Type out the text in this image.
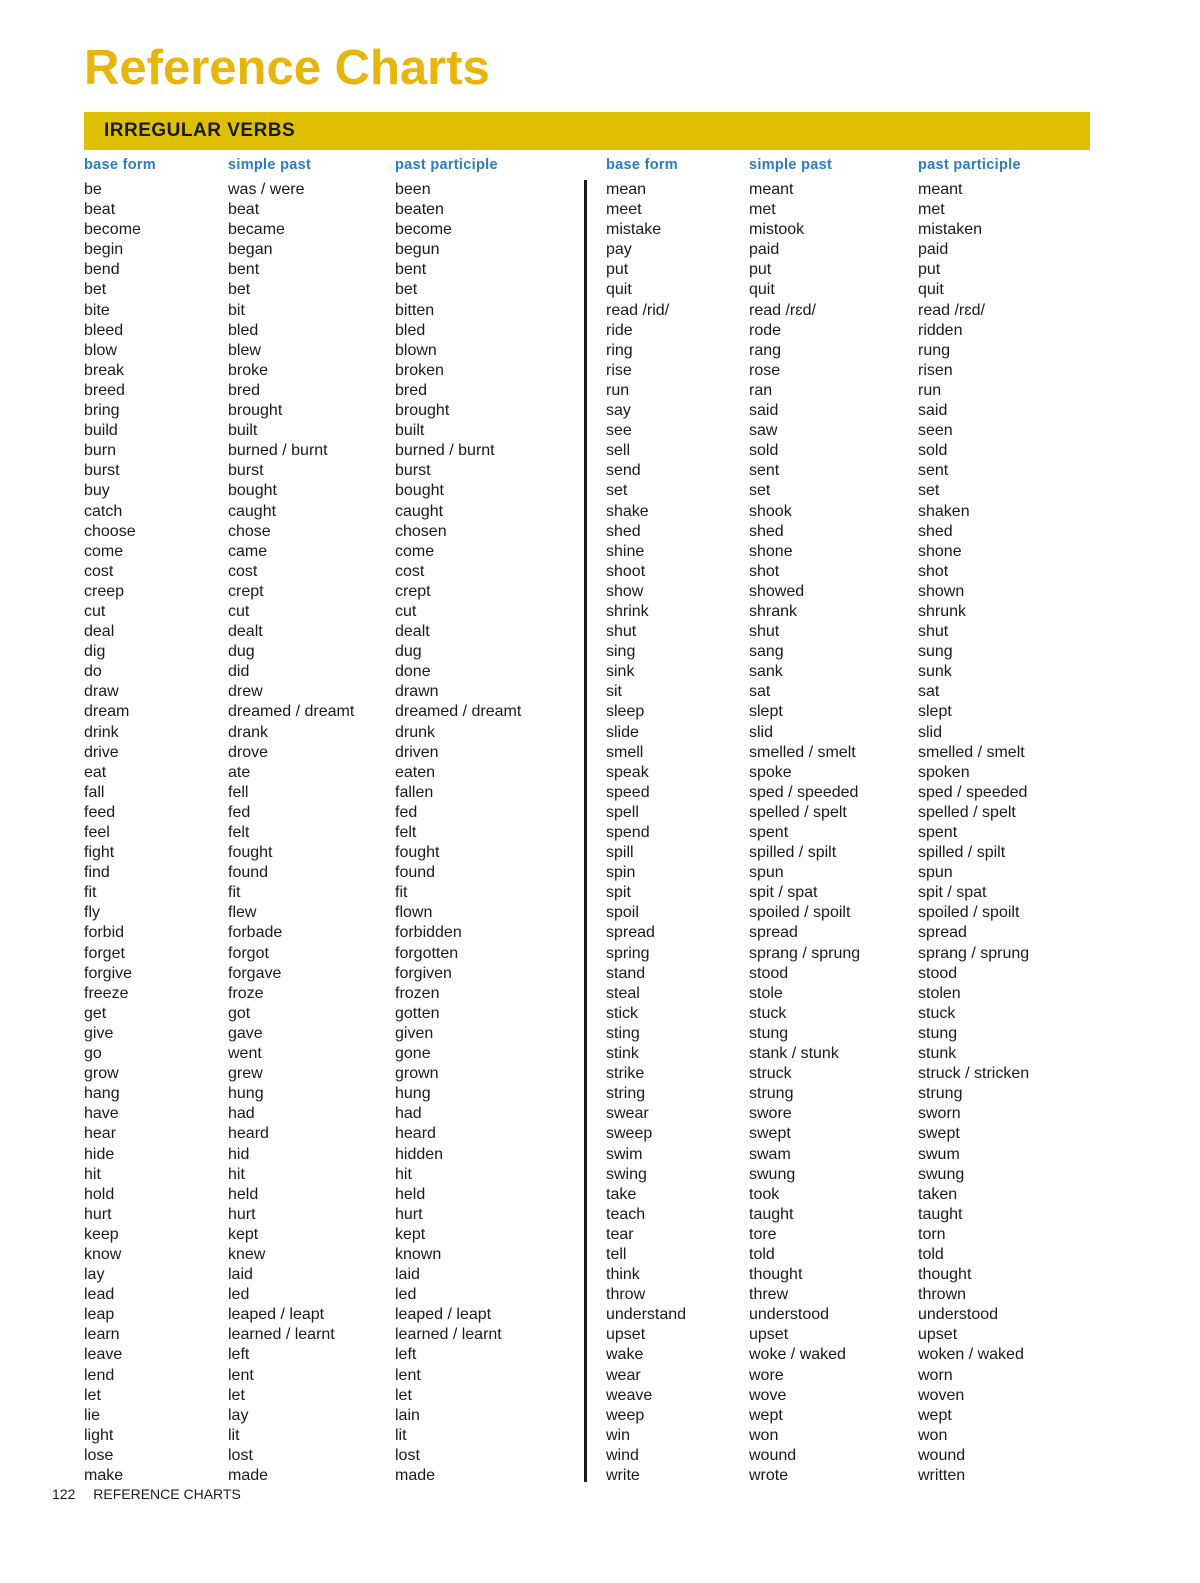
Reference Charts
IRREGULAR VERBS
base form	simple past	past participle
be	was / were	been
beat	beat	beaten
become	became	become
begin	began	begun
bend	bent	bent
bet	bet	bet
bite	bit	bitten
bleed	bled	bled
blow	blew	blown
break	broke	broken
breed	bred	bred
bring	brought	brought
build	built	built
burn	burned / burnt	burned / burnt
burst	burst	burst
buy	bought	bought
catch	caught	caught
choose	chose	chosen
come	came	come
cost	cost	cost
creep	crept	crept
cut	cut	cut
deal	dealt	dealt
dig	dug	dug
do	did	done
draw	drew	drawn
dream	dreamed / dreamt	dreamed / dreamt
drink	drank	drunk
drive	drove	driven
eat	ate	eaten
fall	fell	fallen
feed	fed	fed
feel	felt	felt
fight	fought	fought
find	found	found
fit	fit	fit
fly	flew	flown
forbid	forbade	forbidden
forget	forgot	forgotten
forgive	forgave	forgiven
freeze	froze	frozen
get	got	gotten
give	gave	given
go	went	gone
grow	grew	grown
hang	hung	hung
have	had	had
hear	heard	heard
hide	hid	hidden
hit	hit	hit
hold	held	held
hurt	hurt	hurt
keep	kept	kept
know	knew	known
lay	laid	laid
lead	led	led
leap	leaped / leapt	leaped / leapt
learn	learned / learnt	learned / learnt
leave	left	left
lend	lent	lent
let	let	let
lie	lay	lain
light	lit	lit
lose	lost	lost
make	made	made
base form	simple past	past participle
mean	meant	meant
meet	met	met
mistake	mistook	mistaken
pay	paid	paid
put	put	put
quit	quit	quit
read /rid/	read /rɛd/	read /rɛd/
ride	rode	ridden
ring	rang	rung
rise	rose	risen
run	ran	run
say	said	said
see	saw	seen
sell	sold	sold
send	sent	sent
set	set	set
shake	shook	shaken
shed	shed	shed
shine	shone	shone
shoot	shot	shot
show	showed	shown
shrink	shrank	shrunk
shut	shut	shut
sing	sang	sung
sink	sank	sunk
sit	sat	sat
sleep	slept	slept
slide	slid	slid
smell	smelled / smelt	smelled / smelt
speak	spoke	spoken
speed	sped / speeded	sped / speeded
spell	spelled / spelt	spelled / spelt
spend	spent	spent
spill	spilled / spilt	spilled / spilt
spin	spun	spun
spit	spit / spat	spit / spat
spoil	spoiled / spoilt	spoiled / spoilt
spread	spread	spread
spring	sprang / sprung	sprang / sprung
stand	stood	stood
steal	stole	stolen
stick	stuck	stuck
sting	stung	stung
stink	stank / stunk	stunk
strike	struck	struck / stricken
string	strung	strung
swear	swore	sworn
sweep	swept	swept
swim	swam	swum
swing	swung	swung
take	took	taken
teach	taught	taught
tear	tore	torn
tell	told	told
think	thought	thought
throw	threw	thrown
understand	understood	understood
upset	upset	upset
wake	woke / waked	woken / waked
wear	wore	worn
weave	wove	woven
weep	wept	wept
win	won	won
wind	wound	wound
write	wrote	written
122 REFERENCE CHARTS
